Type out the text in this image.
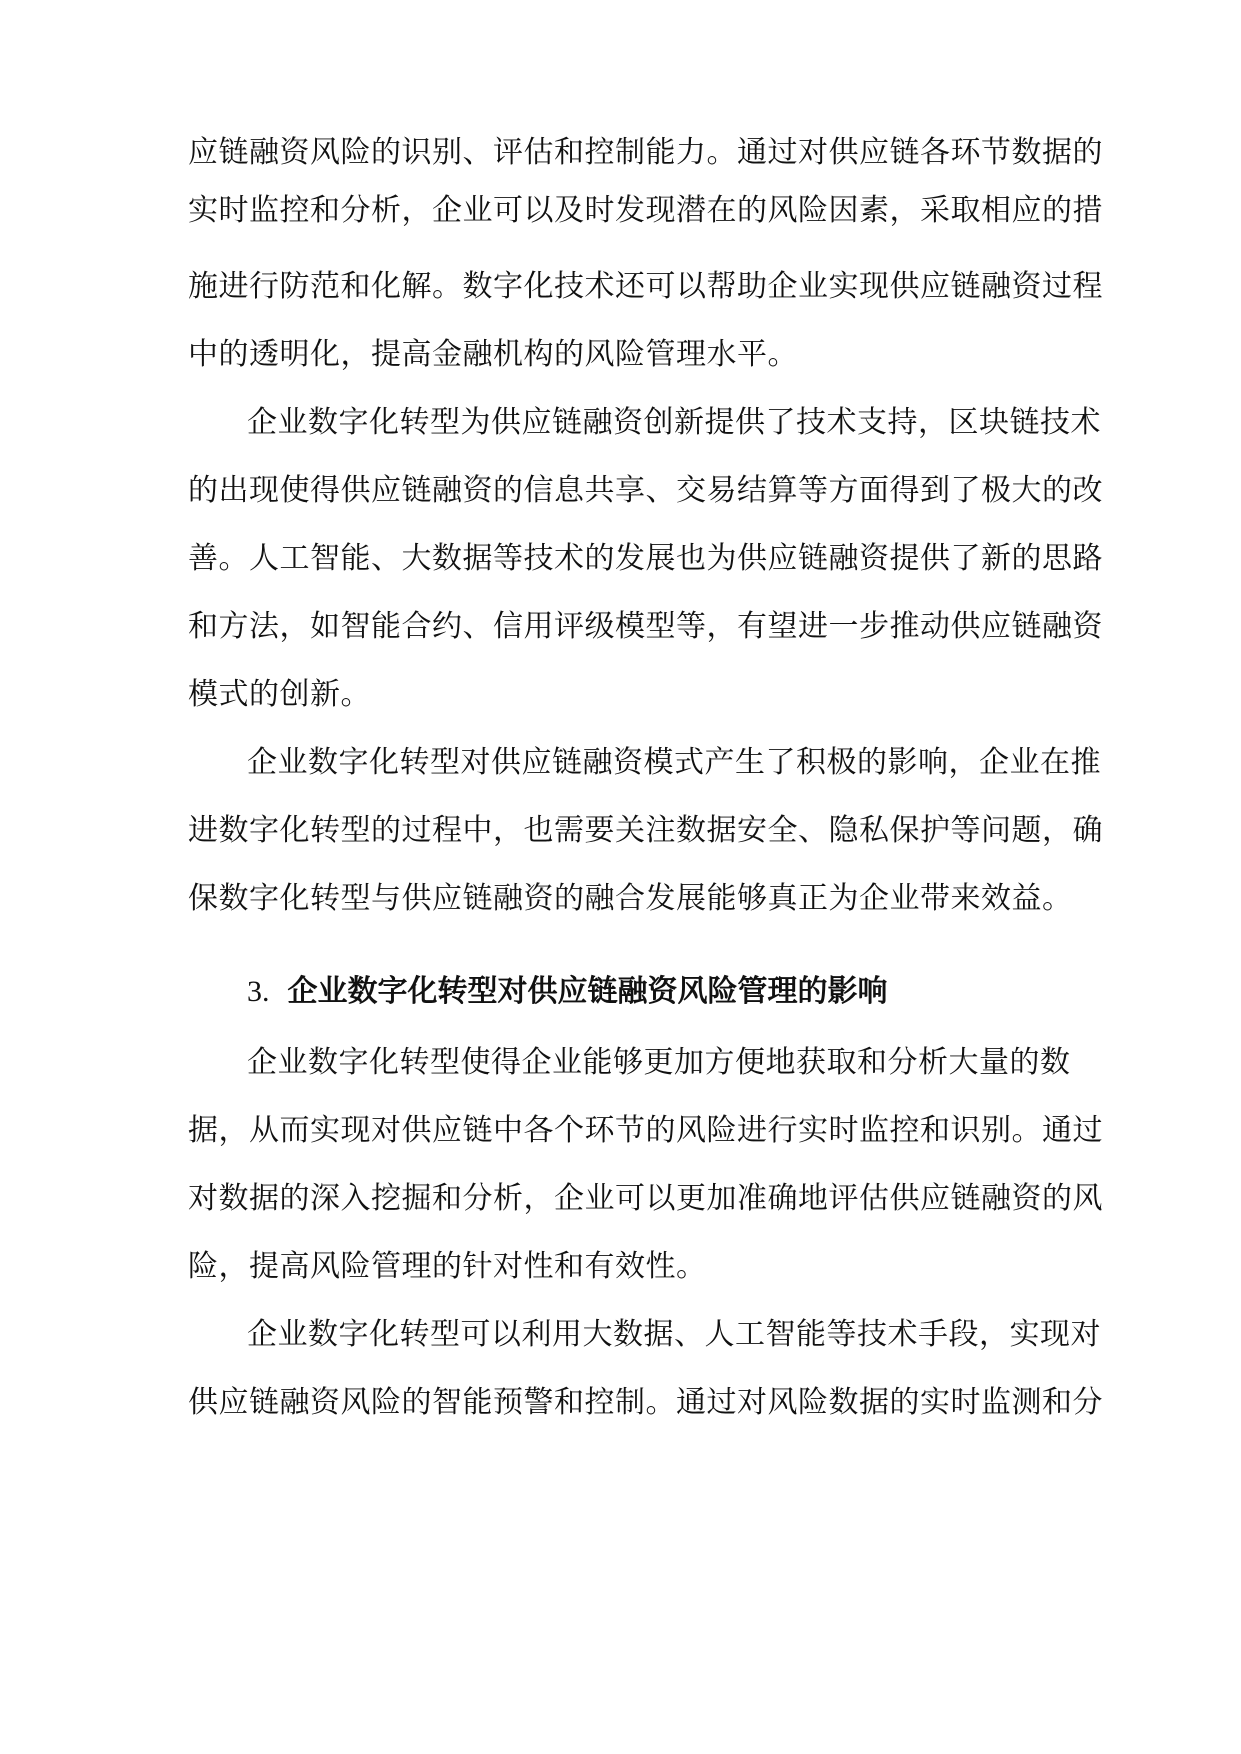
应链融资风险的识别、评估和控制能力。通过对供应链各环节数据的
实时监控和分析，企业可以及时发现潜在的风险因素，采取相应的措
施进行防范和化解。数字化技术还可以帮助企业实现供应链融资过程
中的透明化，提高金融机构的风险管理水平。
企业数字化转型为供应链融资创新提供了技术支持，区块链技术
的出现使得供应链融资的信息共享、交易结算等方面得到了极大的改
善。人工智能、大数据等技术的发展也为供应链融资提供了新的思路
和方法，如智能合约、信用评级模型等，有望进一步推动供应链融资
模式的创新。
企业数字化转型对供应链融资模式产生了积极的影响，企业在推
进数字化转型的过程中，也需要关注数据安全、隐私保护等问题，确
保数字化转型与供应链融资的融合发展能够真正为企业带来效益。
3. 企业数字化转型对供应链融资风险管理的影响
企业数字化转型使得企业能够更加方便地获取和分析大量的数
据，从而实现对供应链中各个环节的风险进行实时监控和识别。通过
对数据的深入挖掘和分析，企业可以更加准确地评估供应链融资的风
险，提高风险管理的针对性和有效性。
企业数字化转型可以利用大数据、人工智能等技术手段，实现对
供应链融资风险的智能预警和控制。通过对风险数据的实时监测和分
